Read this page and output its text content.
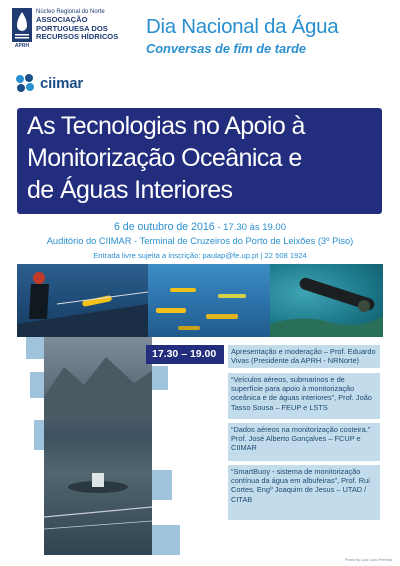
APRH
Núcleo Regional do Norte
ASSOCIAÇÃO
PORTUGUESA DOS
RECURSOS HÍDRICOS
ciimar
Dia Nacional da Água
Conversas de fim de tarde
As Tecnologias no Apoio à
Monitorização Oceânica e
de Águas Interiores
6 de outubro de 2016 - 17.30 às 19.00
Auditório do CIIMAR - Terminal de Cruzeiros do Porto de Leixões (3º Piso)
Entrada livre sujeita a inscrição: paulap@fe.up.pt | 22 508 1924
17.30 – 19.00	Apresentação e moderação – Prof. Eduardo Vivas (Presidente da APRH - NRNorte)
“Veículos aéreos, submarinos e de superfície para apoio à monitorização oceânica e de águas interiores”, Prof. João Tasso Sousa – FEUP e LSTS
“Dados aéreos na monitorização costeira.” Prof. José Alberto Gonçalves – FCUP e CIIMAR
“SmartBuoy - sistema de monitorização contínua da água em albufeiras”, Prof. Rui Cortes, Engº Joaquim de Jesus – UTAD / CITAB
Photo by Luís Lobo Ferreira
